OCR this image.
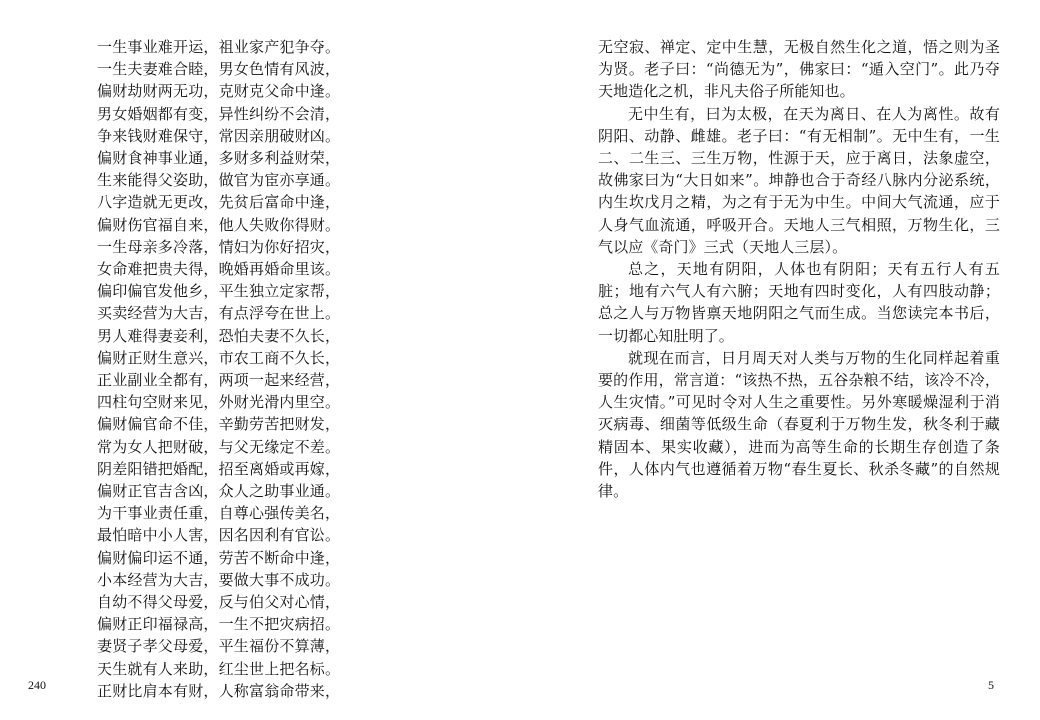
一生事业难开运，祖业家产犯争夺。
一生夫妻难合睦，男女色情有风波，
偏财劫财两无功，克财克父命中逢。
男女婚姻都有变，异性纠纷不会清，
争来钱财难保守，常因亲朋破财凶。
偏财食神事业通，多财多利益财荣，
生来能得父姿助，做官为宦亦享通。
八字造就无更改，先贫后富命中逢，
偏财伤官福自来，他人失败你得财。
一生母亲多冷落，情妇为你好招灾，
女命难把贵夫得，晚婚再婚命里该。
偏印偏官发他乡，平生独立定家帮，
买卖经营为大吉，有点浮夸在世上。
男人难得妻妾利，恐怕夫妻不久长，
偏财正财生意兴，市农工商不久长，
正业副业全都有，两项一起来经营，
四柱句空财来见，外财光滑内里空。
偏财偏官命不佳，辛勤劳苦把财发，
常为女人把财破，与父无缘定不差。
阴差阳错把婚配，招至离婚或再嫁，
偏财正官吉含凶，众人之助事业通。
为干事业责任重，自尊心强传美名，
最怕暗中小人害，因名因利有官讼。
偏财偏印运不通，劳苦不断命中逢，
小本经营为大吉，要做大事不成功。
自幼不得父母爱，反与伯父对心情，
偏财正印福禄高，一生不把灾病招。
妻贤子孝父母爱，平生福份不算薄，
天生就有人来助，红尘世上把名标。
正财比肩本有财，人称富翁命带来，

无空寂、禅定、定中生慧，无极自然生化之道，悟之则为圣为贤。老子曰：“尚德无为”，佛家曰：“遁入空门”。此乃夺天地造化之机，非凡夫俗子所能知也。

无中生有，曰为太极，在天为离日、在人为离性。故有阴阳、动静、雌雄。老子曰：“有无相制”。无中生有，一生二、二生三、三生万物，性源于天，应于离日，法象虚空，故佛家曰为“大日如来”。坤静也合于奇经八脉内分泌系统，内生坎戊月之精，为之有于无为中生。中间大气流通，应于人身气血流通，呼吸开合。天地人三气相照，万物生化，三气以应《奇门》三式（天地人三层）。

总之，天地有阴阳，人体也有阴阳；天有五行人有五脏；地有六气人有六腑；天地有四时变化，人有四肢动静；总之人与万物皆禀天地阴阳之气而生成。当您读完本书后，一切都心知肚明了。

就现在而言，日月周天对人类与万物的生化同样起着重要的作用，常言道：“该热不热，五谷杂粮不结，该冷不冷，人生灾情。”可见时令对人生之重要性。另外寒暖燥湿利于消灭病毒、细菌等低级生命（春夏利于万物生发，秋冬利于藏精固本、果实收藏），进而为高等生命的长期生存创造了条件，人体内气也遵循着万物“春生夏长、秋杀冬藏”的自然规律。

240	5
